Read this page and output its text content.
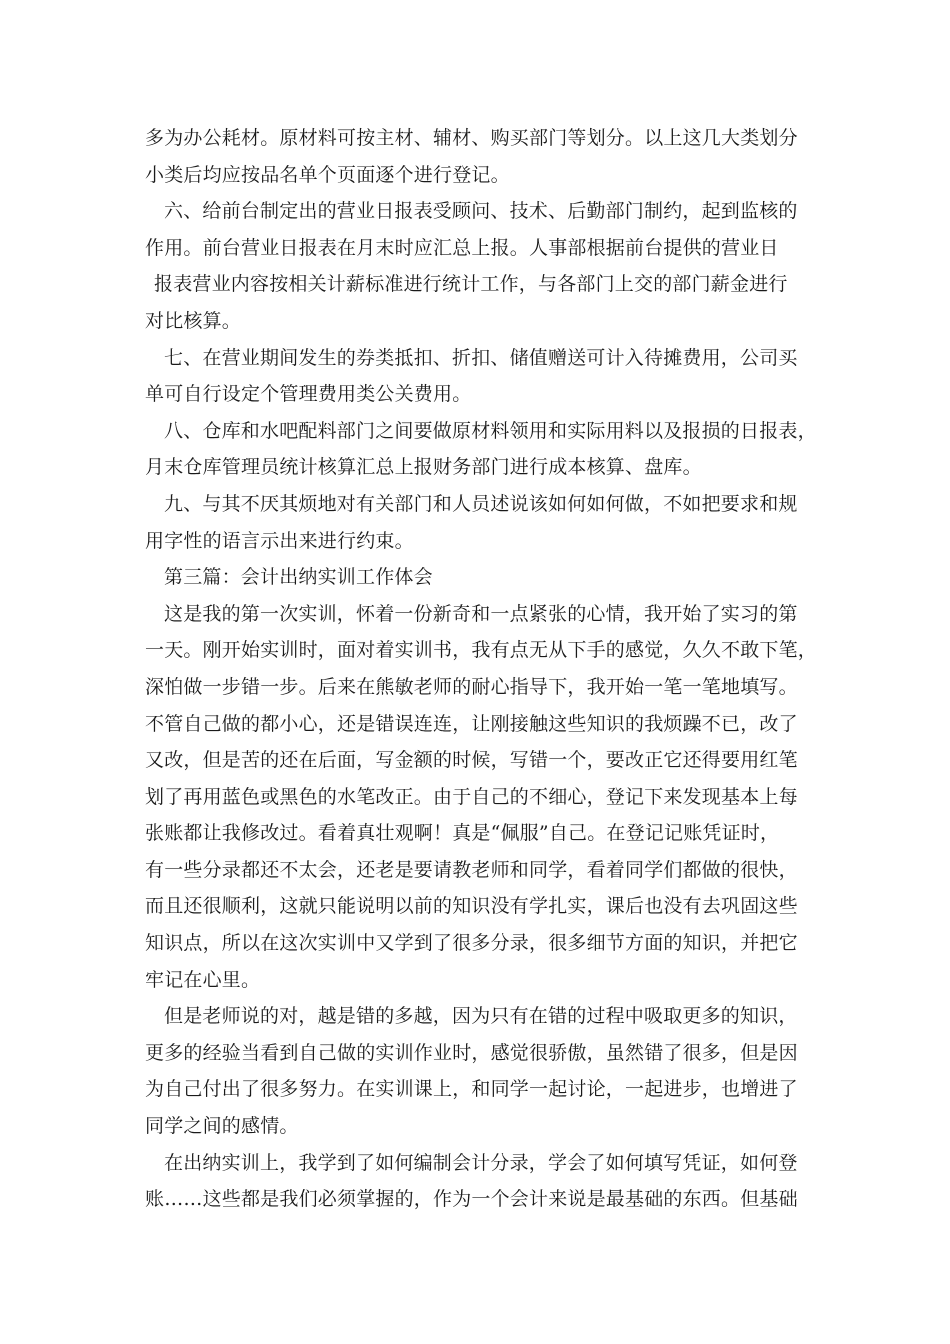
多为办公耗材。原材料可按主材、辅材、购买部门等划分。以上这几大类划分
小类后均应按品名单个页面逐个进行登记。
六、给前台制定出的营业日报表受顾问、技术、后勤部门制约，起到监核的
作用。前台营业日报表在月末时应汇总上报。人事部根据前台提供的营业日
报表营业内容按相关计薪标准进行统计工作，与各部门上交的部门薪金进行
对比核算。
七、在营业期间发生的券类抵扣、折扣、储值赠送可计入待摊费用，公司买
单可自行设定个管理费用类公关费用。
八、仓库和水吧配料部门之间要做原材料领用和实际用料以及报损的日报表，
月末仓库管理员统计核算汇总上报财务部门进行成本核算、盘库。
九、与其不厌其烦地对有关部门和人员述说该如何如何做，不如把要求和规
用字性的语言示出来进行约束。
第三篇：会计出纳实训工作体会
这是我的第一次实训，怀着一份新奇和一点紧张的心情，我开始了实习的第
一天。刚开始实训时，面对着实训书，我有点无从下手的感觉，久久不敢下笔，
深怕做一步错一步。后来在熊敏老师的耐心指导下，我开始一笔一笔地填写。
不管自己做的都小心，还是错误连连，让刚接触这些知识的我烦躁不已，改了
又改，但是苦的还在后面，写金额的时候，写错一个，要改正它还得要用红笔
划了再用蓝色或黑色的水笔改正。由于自己的不细心，登记下来发现基本上每
张账都让我修改过。看着真壮观啊！真是“佩服”自己。在登记记账凭证时，
有一些分录都还不太会，还老是要请教老师和同学，看着同学们都做的很快，
而且还很顺利，这就只能说明以前的知识没有学扎实，课后也没有去巩固这些
知识点，所以在这次实训中又学到了很多分录，很多细节方面的知识，并把它
牢记在心里。
但是老师说的对，越是错的多越，因为只有在错的过程中吸取更多的知识，
更多的经验当看到自己做的实训作业时，感觉很骄傲，虽然错了很多，但是因
为自己付出了很多努力。在实训课上，和同学一起讨论，一起进步，也增进了
同学之间的感情。
在出纳实训上，我学到了如何编制会计分录，学会了如何填写凭证，如何登
账……这些都是我们必须掌握的，作为一个会计来说是最基础的东西。但基础
